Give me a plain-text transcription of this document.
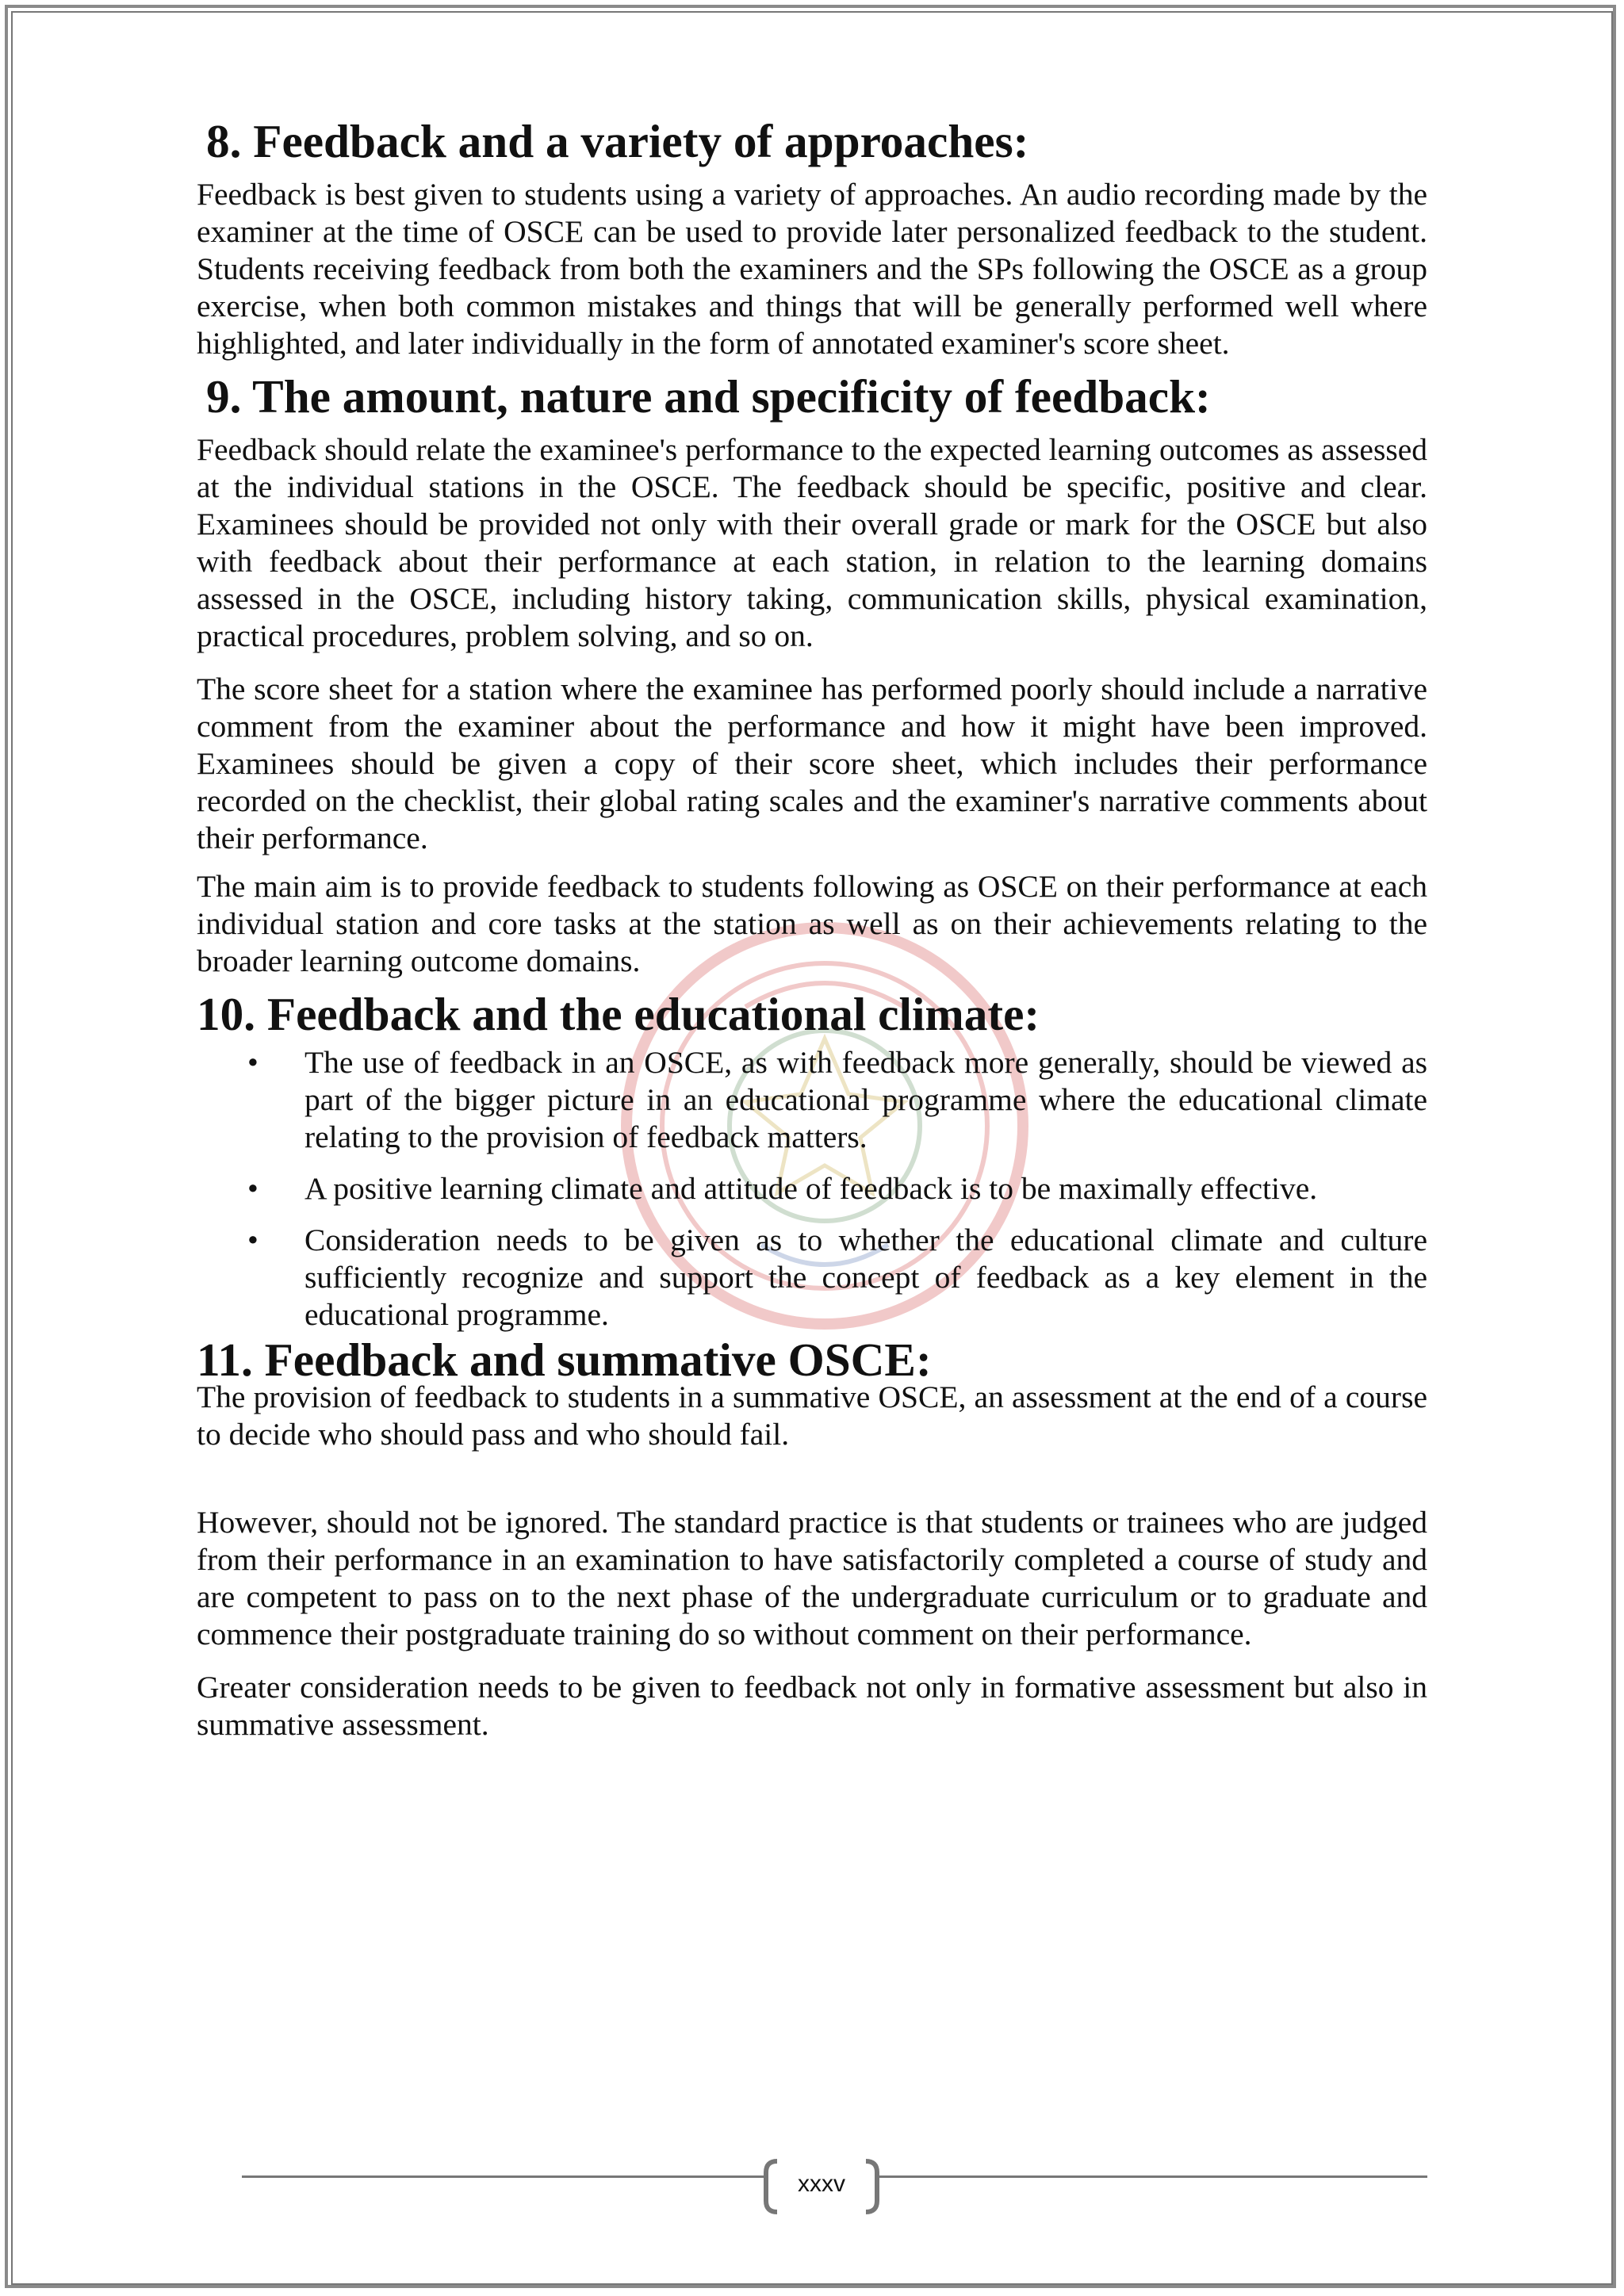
8. Feedback and a variety of approaches:

Feedback is best given to students using a variety of approaches. An audio recording made by the examiner at the time of OSCE can be used to provide later personalized feedback to the student. Students receiving feedback from both the examiners and the SPs following the OSCE as a group exercise, when both common mistakes and things that will be generally performed well where highlighted, and later individually in the form of annotated examiner's score sheet.

9. The amount, nature and specificity of feedback:

Feedback should relate the examinee's performance to the expected learning outcomes as assessed at the individual stations in the OSCE. The feedback should be specific, positive and clear. Examinees should be provided not only with their overall grade or mark for the OSCE but also with feedback about their performance at each station, in relation to the learning domains assessed in the OSCE, including history taking, communication skills, physical examination, practical procedures, problem solving, and so on.

The score sheet for a station where the examinee has performed poorly should include a narrative comment from the examiner about the performance and how it might have been improved. Examinees should be given a copy of their score sheet, which includes their performance recorded on the checklist, their global rating scales and the examiner's narrative comments about their performance.

The main aim is to provide feedback to students following as OSCE on their performance at each individual station and core tasks at the station as well as on their achievements relating to the broader learning outcome domains.

10. Feedback and the educational climate:
• The use of feedback in an OSCE, as with feedback more generally, should be viewed as part of the bigger picture in an educational programme where the educational climate relating to the provision of feedback matters.
• A positive learning climate and attitude of feedback is to be maximally effective.
• Consideration needs to be given as to whether the educational climate and culture sufficiently recognize and support the concept of feedback as a key element in the educational programme.
11. Feedback and summative OSCE:

The provision of feedback to students in a summative OSCE, an assessment at the end of a course to decide who should pass and who should fail.

However, should not be ignored. The standard practice is that students or trainees who are judged from their performance in an examination to have satisfactorily completed a course of study and are competent to pass on to the next phase of the undergraduate curriculum or to graduate and commence their postgraduate training do so without comment on their performance.

Greater consideration needs to be given to feedback not only in formative assessment but also in summative assessment.

xxxv
